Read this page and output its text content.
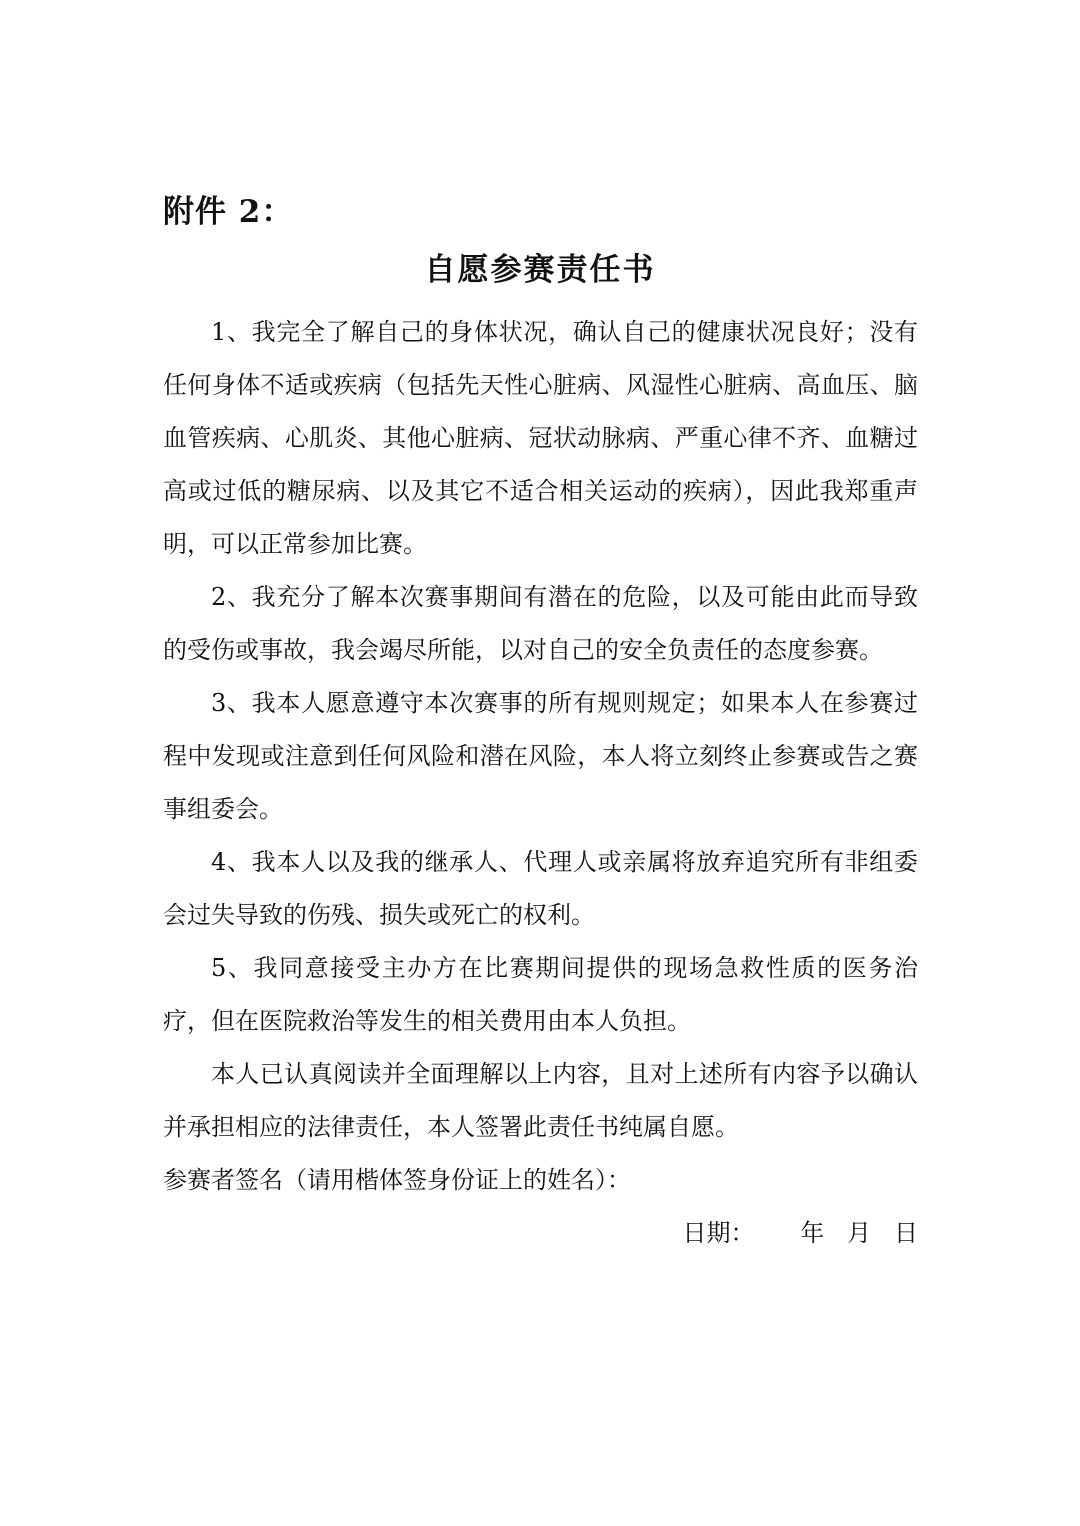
附件 2：
自愿参赛责任书

1、我完全了解自己的身体状况，确认自己的健康状况良好；没有任何身体不适或疾病（包括先天性心脏病、风湿性心脏病、高血压、脑血管疾病、心肌炎、其他心脏病、冠状动脉病、严重心律不齐、血糖过高或过低的糖尿病、以及其它不适合相关运动的疾病），因此我郑重声明，可以正常参加比赛。

2、我充分了解本次赛事期间有潜在的危险，以及可能由此而导致的受伤或事故，我会竭尽所能，以对自己的安全负责任的态度参赛。

3、我本人愿意遵守本次赛事的所有规则规定；如果本人在参赛过程中发现或注意到任何风险和潜在风险，本人将立刻终止参赛或告之赛事组委会。

4、我本人以及我的继承人、代理人或亲属将放弃追究所有非组委会过失导致的伤残、损失或死亡的权利。

5、我同意接受主办方在比赛期间提供的现场急救性质的医务治疗，但在医院救治等发生的相关费用由本人负担。

本人已认真阅读并全面理解以上内容，且对上述所有内容予以确认并承担相应的法律责任，本人签署此责任书纯属自愿。

参赛者签名（请用楷体签身份证上的姓名）：

日期：      年   月   日
